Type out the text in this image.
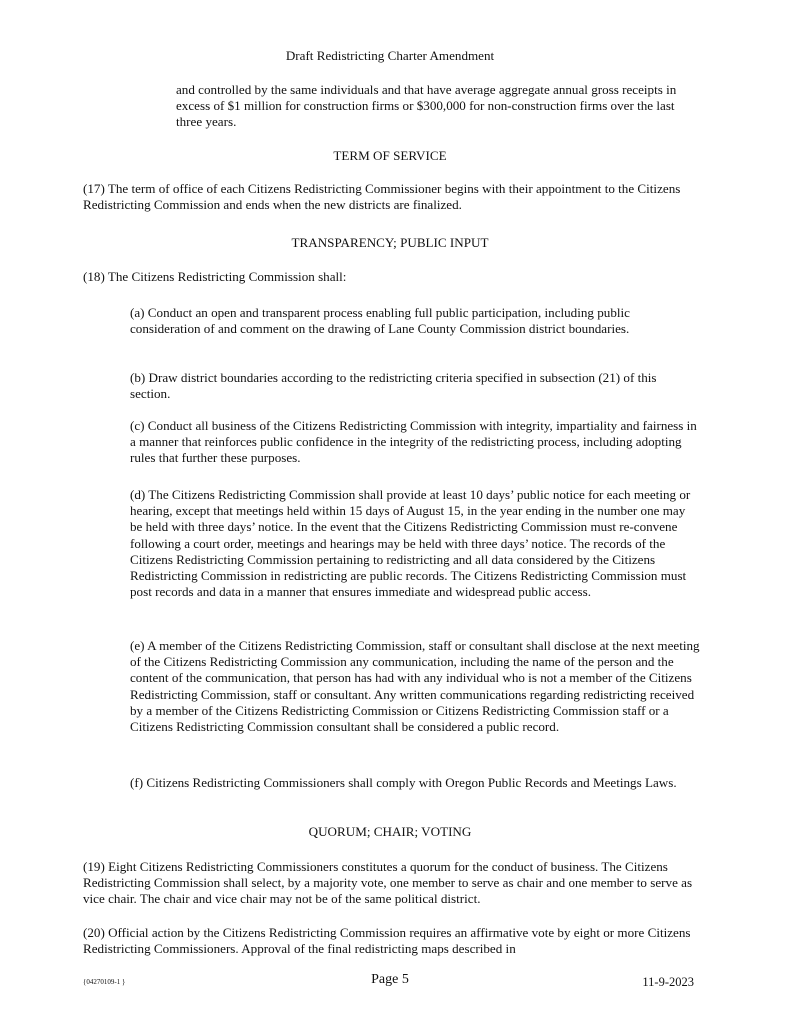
Draft Redistricting Charter Amendment

and controlled by the same individuals and that have average aggregate annual gross receipts in excess of $1 million for construction firms or $300,000 for non-construction firms over the last three years.

TERM OF SERVICE

(17) The term of office of each Citizens Redistricting Commissioner begins with their appointment to the Citizens Redistricting Commission and ends when the new districts are finalized.

TRANSPARENCY; PUBLIC INPUT

(18) The Citizens Redistricting Commission shall:

(a) Conduct an open and transparent process enabling full public participation, including public consideration of and comment on the drawing of Lane County Commission district boundaries.

(b) Draw district boundaries according to the redistricting criteria specified in subsection (21) of this section.

(c) Conduct all business of the Citizens Redistricting Commission with integrity, impartiality and fairness in a manner that reinforces public confidence in the integrity of the redistricting process, including adopting rules that further these purposes.

(d) The Citizens Redistricting Commission shall provide at least 10 days’ public notice for each meeting or hearing, except that meetings held within 15 days of August 15, in the year ending in the number one may be held with three days’ notice. In the event that the Citizens Redistricting Commission must re-convene following a court order, meetings and hearings may be held with three days’ notice. The records of the Citizens Redistricting Commission pertaining to redistricting and all data considered by the Citizens Redistricting Commission in redistricting are public records. The Citizens Redistricting Commission must post records and data in a manner that ensures immediate and widespread public access.

(e) A member of the Citizens Redistricting Commission, staff or consultant shall disclose at the next meeting of the Citizens Redistricting Commission any communication, including the name of the person and the content of the communication, that person has had with any individual who is not a member of the Citizens Redistricting Commission, staff or consultant. Any written communications regarding redistricting received by a member of the Citizens Redistricting Commission or Citizens Redistricting Commission staff or a Citizens Redistricting Commission consultant shall be considered a public record.

(f) Citizens Redistricting Commissioners shall comply with Oregon Public Records and Meetings Laws.

QUORUM; CHAIR; VOTING

(19) Eight Citizens Redistricting Commissioners constitutes a quorum for the conduct of business. The Citizens Redistricting Commission shall select, by a majority vote, one member to serve as chair and one member to serve as vice chair. The chair and vice chair may not be of the same political district.

(20) Official action by the Citizens Redistricting Commission requires an affirmative vote by eight or more Citizens Redistricting Commissioners. Approval of the final redistricting maps described in

{04270109-1 }	Page 5	11-9-2023
